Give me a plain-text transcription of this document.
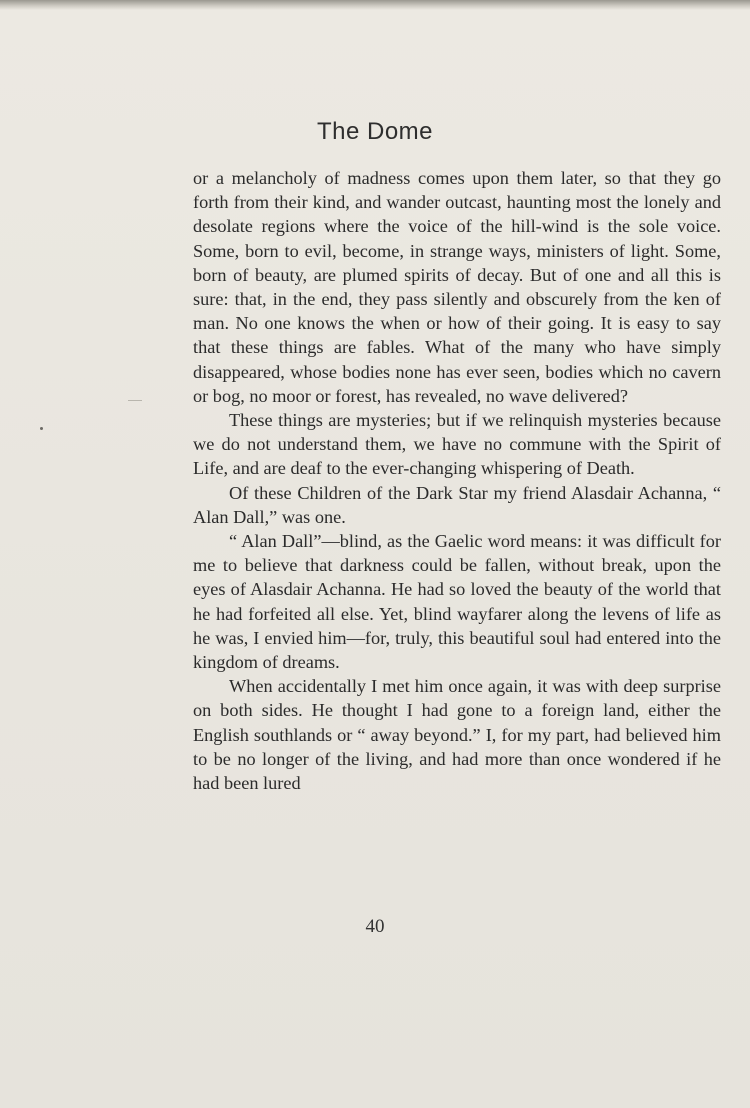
The Dome

or a melancholy of madness comes upon them later, so that they go forth from their kind, and wander outcast, haunting most the lonely and desolate regions where the voice of the hill-wind is the sole voice. Some, born to evil, become, in strange ways, ministers of light. Some, born of beauty, are plumed spirits of decay. But of one and all this is sure: that, in the end, they pass silently and obscurely from the ken of man. No one knows the when or how of their going. It is easy to say that these things are fables. What of the many who have simply disappeared, whose bodies none has ever seen, bodies which no cavern or bog, no moor or forest, has revealed, no wave delivered?

These things are mysteries; but if we relinquish mysteries because we do not understand them, we have no commune with the Spirit of Life, and are deaf to the ever-changing whispering of Death.

Of these Children of the Dark Star my friend Alasdair Achanna, “ Alan Dall,” was one.

“ Alan Dall”—blind, as the Gaelic word means: it was difficult for me to believe that darkness could be fallen, without break, upon the eyes of Alasdair Achanna. He had so loved the beauty of the world that he had forfeited all else. Yet, blind wayfarer along the levens of life as he was, I envied him—for, truly, this beautiful soul had entered into the kingdom of dreams.

When accidentally I met him once again, it was with deep surprise on both sides. He thought I had gone to a foreign land, either the English southlands or “ away beyond.” I, for my part, had believed him to be no longer of the living, and had more than once wondered if he had been lured

40
